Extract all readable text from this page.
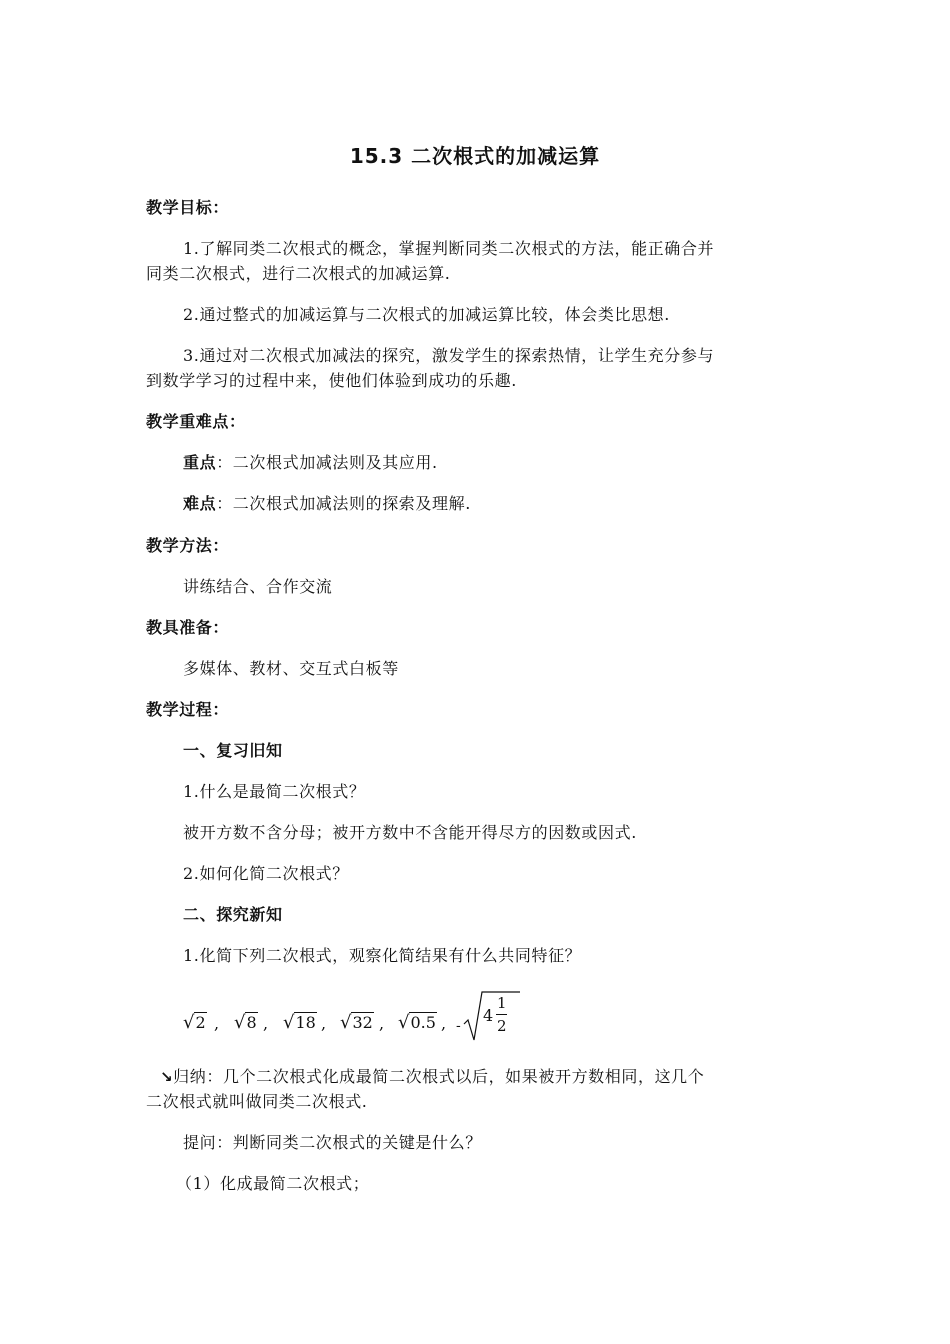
15.3 二次根式的加减运算
教学目标：
1.了解同类二次根式的概念，掌握判断同类二次根式的方法，能正确合并
同类二次根式，进行二次根式的加减运算.
2.通过整式的加减运算与二次根式的加减运算比较，体会类比思想.
3.通过对二次根式加减法的探究，激发学生的探索热情，让学生充分参与
到数学学习的过程中来，使他们体验到成功的乐趣.
教学重难点：
重点：二次根式加减法则及其应用.
难点：二次根式加减法则的探索及理解.
教学方法：
讲练结合、合作交流
教具准备：
多媒体、教材、交互式白板等
教学过程：
一、复习旧知
1.什么是最简二次根式？
被开方数不含分母；被开方数中不含能开得尽方的因数或因式.
2.如何化简二次根式？
二、探究新知
1.化简下列二次根式，观察化简结果有什么共同特征？
√2 , √8 , √18 , √32 , √0.5 , -
4
1
2
↘归纳：几个二次根式化成最简二次根式以后，如果被开方数相同，这几个
二次根式就叫做同类二次根式.
提问：判断同类二次根式的关键是什么？
（1）化成最简二次根式；
